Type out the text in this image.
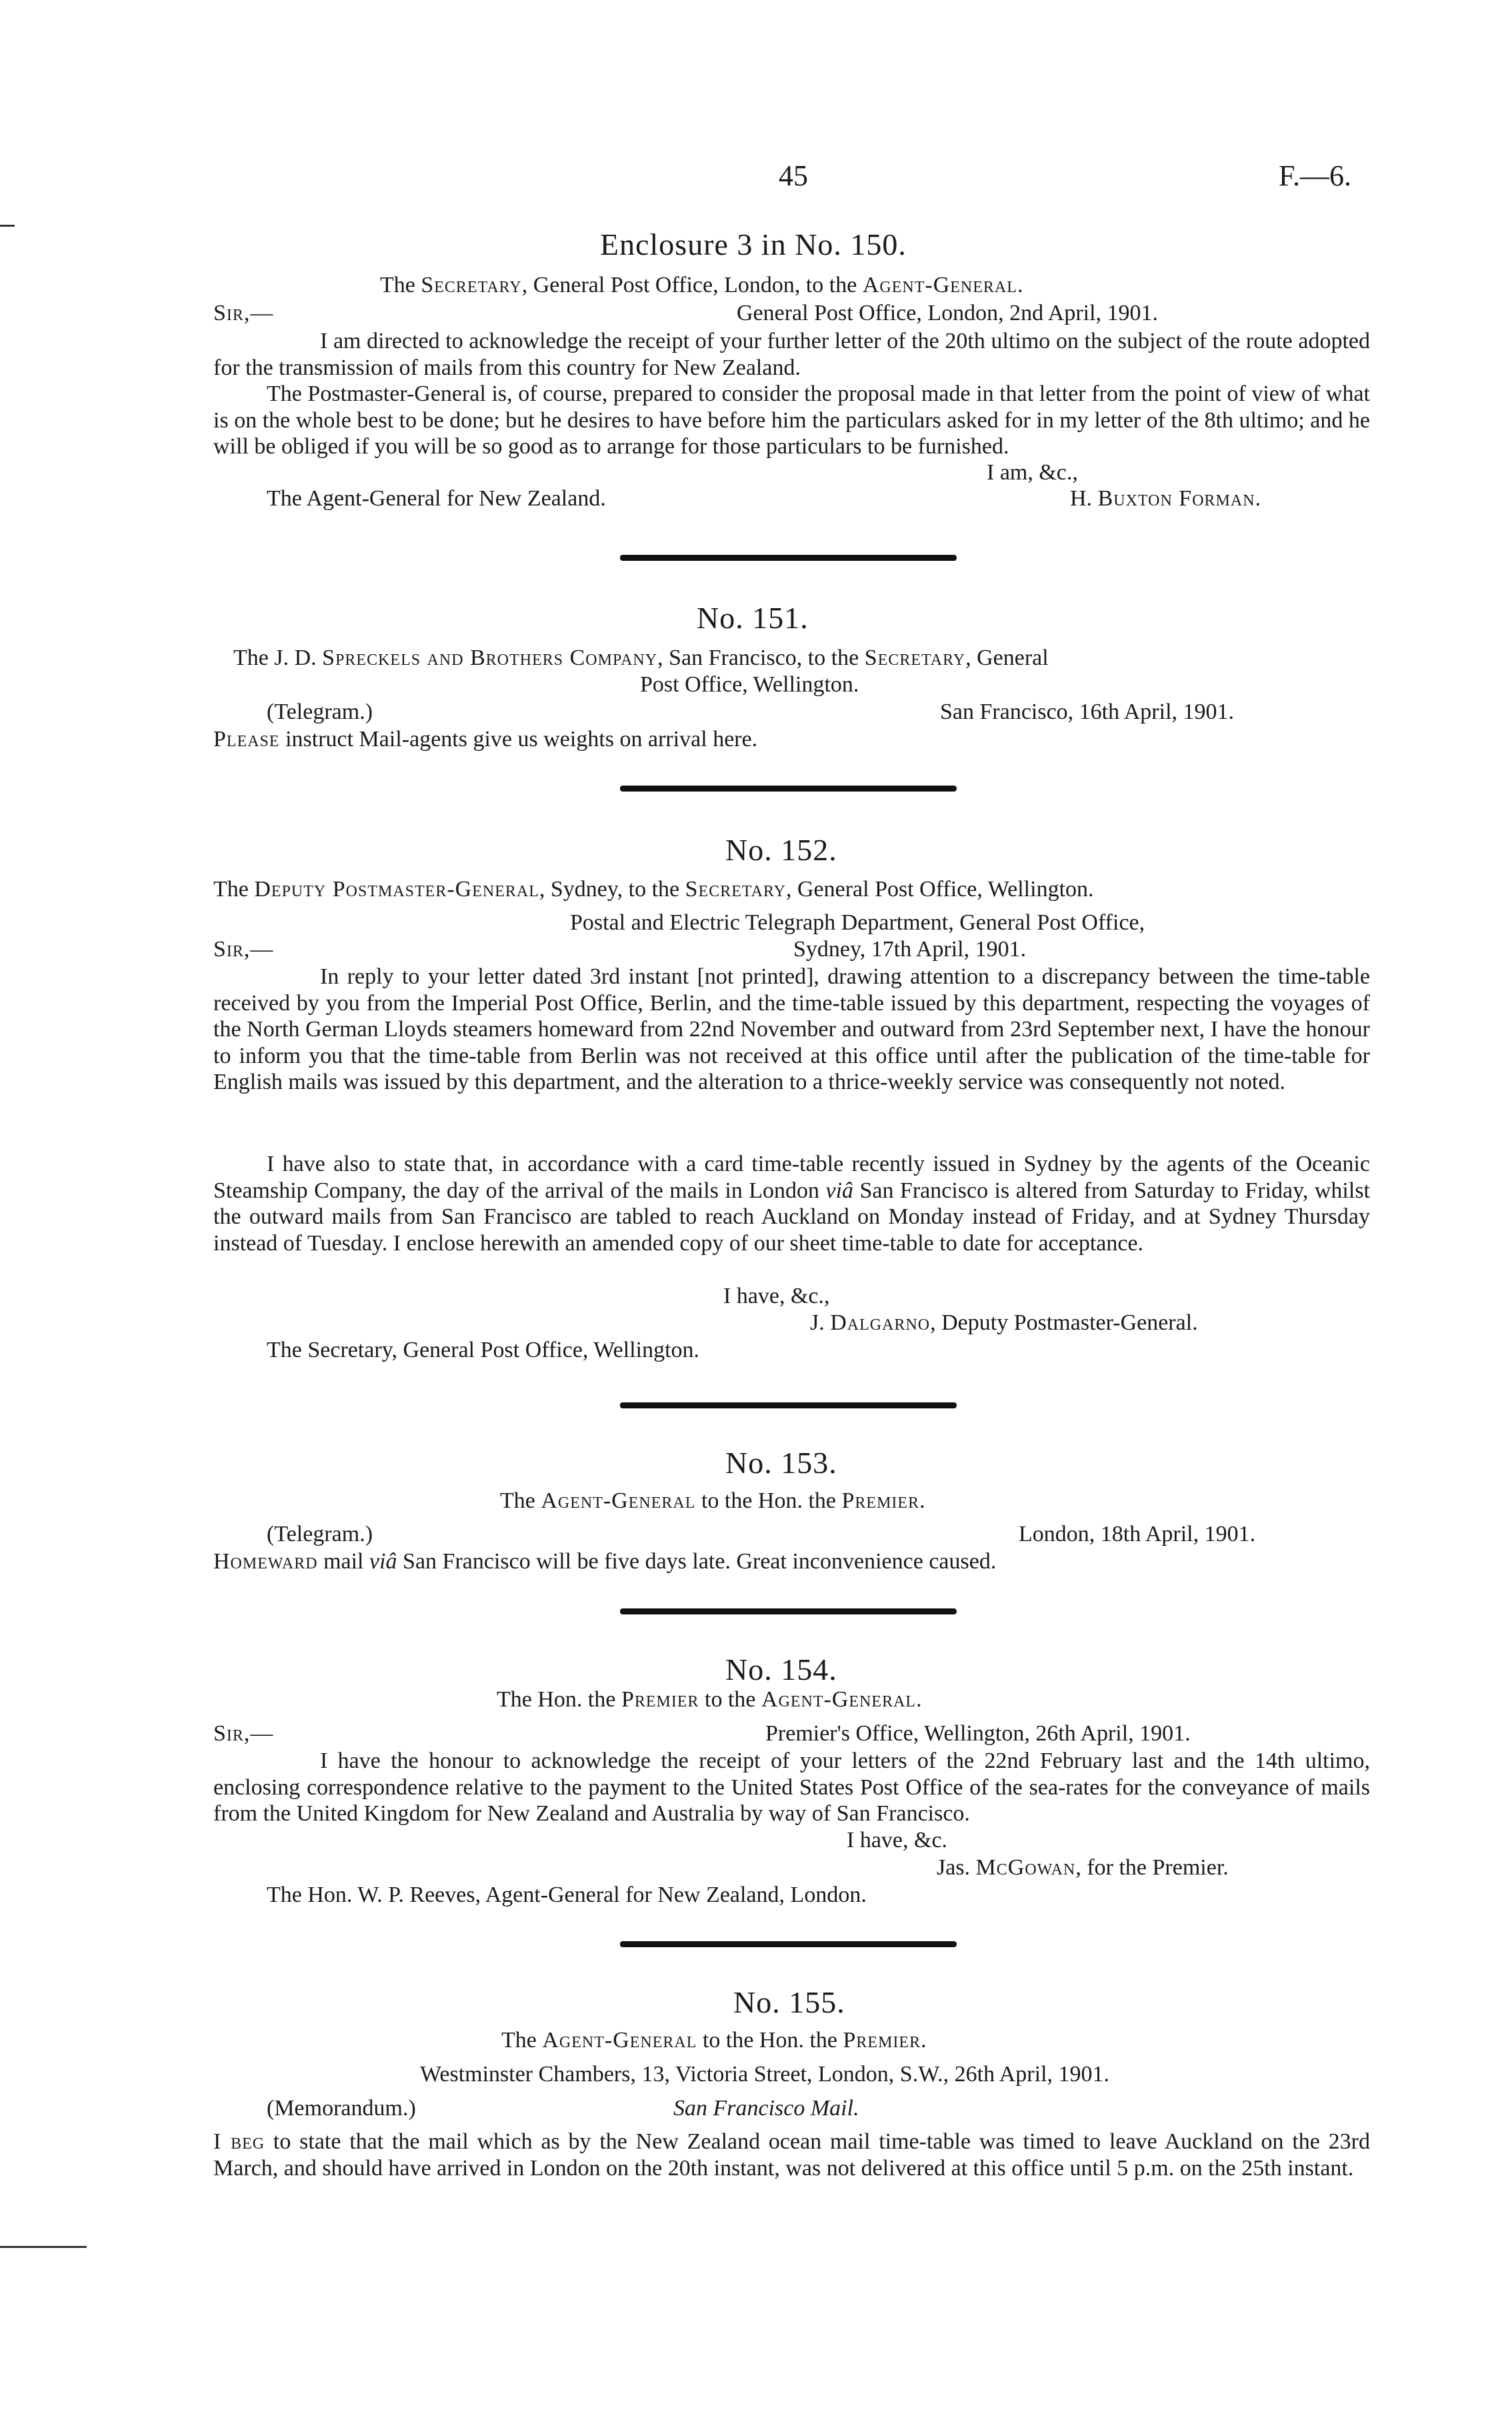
45	F.—6.
Enclosure 3 in No. 150.
The Secretary, General Post Office, London, to the Agent-General.
Sir,—	General Post Office, London, 2nd April, 1901.
I am directed to acknowledge the receipt of your further letter of the 20th ultimo on the subject of the route adopted for the transmission of mails from this country for New Zealand.
The Postmaster-General is, of course, prepared to consider the proposal made in that letter from the point of view of what is on the whole best to be done; but he desires to have before him the particulars asked for in my letter of the 8th ultimo; and he will be obliged if you will be so good as to arrange for those particulars to be furnished.
I am, &c.,
The Agent-General for New Zealand.	H. Buxton Forman.
No. 151.
The J. D. Spreckels and Brothers Company, San Francisco, to the Secretary, General
Post Office, Wellington.
(Telegram.)	San Francisco, 16th April, 1901.
Please instruct Mail-agents give us weights on arrival here.
No. 152.
The Deputy Postmaster-General, Sydney, to the Secretary, General Post Office, Wellington.
Postal and Electric Telegraph Department, General Post Office,
Sir,—	Sydney, 17th April, 1901.
In reply to your letter dated 3rd instant [not printed], drawing attention to a discrepancy between the time-table received by you from the Imperial Post Office, Berlin, and the time-table issued by this department, respecting the voyages of the North German Lloyds steamers homeward from 22nd November and outward from 23rd September next, I have the honour to inform you that the time-table from Berlin was not received at this office until after the publication of the time-table for English mails was issued by this department, and the alteration to a thrice-weekly service was consequently not noted.
I have also to state that, in accordance with a card time-table recently issued in Sydney by the agents of the Oceanic Steamship Company, the day of the arrival of the mails in London viâ San Francisco is altered from Saturday to Friday, whilst the outward mails from San Francisco are tabled to reach Auckland on Monday instead of Friday, and at Sydney Thursday instead of Tuesday. I enclose herewith an amended copy of our sheet time-table to date for acceptance.
I have, &c.,
J. Dalgarno, Deputy Postmaster-General.
The Secretary, General Post Office, Wellington.
No. 153.
The Agent-General to the Hon. the Premier.
(Telegram.)	London, 18th April, 1901.
Homeward mail viâ San Francisco will be five days late. Great inconvenience caused.
No. 154.
The Hon. the Premier to the Agent-General.
Sir,—	Premier's Office, Wellington, 26th April, 1901.
I have the honour to acknowledge the receipt of your letters of the 22nd February last and the 14th ultimo, enclosing correspondence relative to the payment to the United States Post Office of the sea-rates for the conveyance of mails from the United Kingdom for New Zealand and Australia by way of San Francisco.
I have, &c.
Jas. McGowan, for the Premier.
The Hon. W. P. Reeves, Agent-General for New Zealand, London.
No. 155.
The Agent-General to the Hon. the Premier.
Westminster Chambers, 13, Victoria Street, London, S.W., 26th April, 1901.
(Memorandum.)	San Francisco Mail.
I beg to state that the mail which as by the New Zealand ocean mail time-table was timed to leave Auckland on the 23rd March, and should have arrived in London on the 20th instant, was not delivered at this office until 5 p.m. on the 25th instant.
